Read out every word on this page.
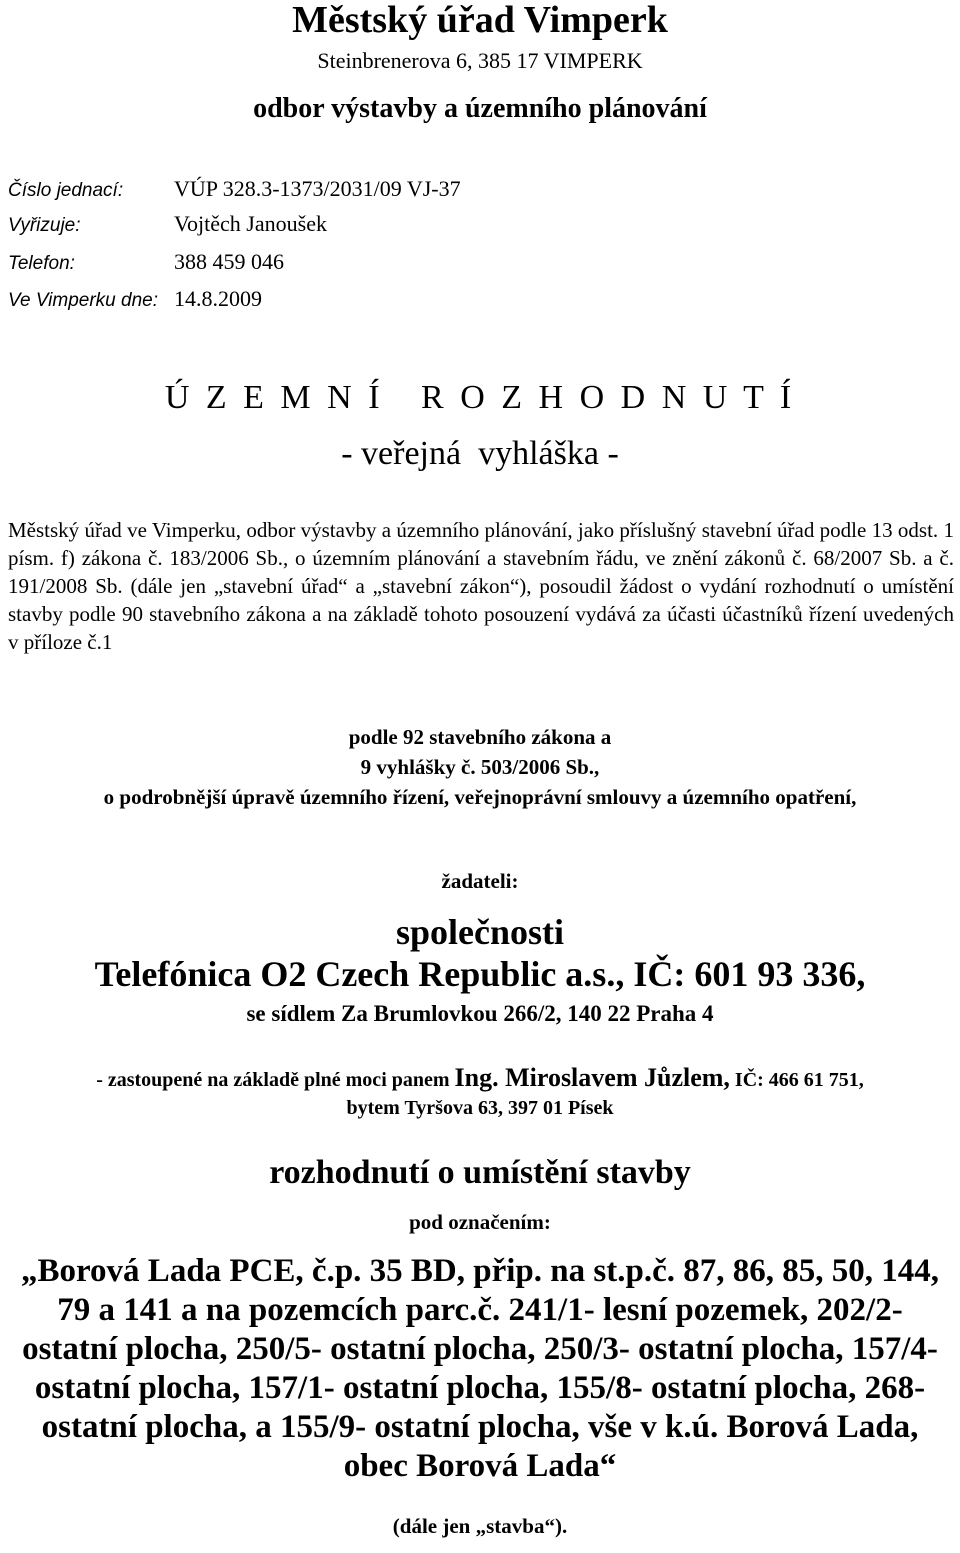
Městský úřad Vimperk
Steinbrenerova 6, 385 17 VIMPERK
odbor výstavby a územního plánování
Číslo jednací: VÚP 328.3-1373/2031/09 VJ-37
Vyřizuje:	Vojtěch Janoušek
Telefon:	388 459 046
Ve Vimperku dne: 14.8.2009
Ú Z E M N Í   R O Z H O D N U T Í
- veřejná  vyhláška -
Městský úřad ve Vimperku, odbor výstavby a územního plánování, jako příslušný stavební úřad podle 13 odst. 1 písm. f) zákona č. 183/2006 Sb., o územním plánování a stavebním řádu, ve znění zákonů č. 68/2007 Sb. a č. 191/2008 Sb. (dále jen „stavební úřad“ a „stavební zákon“), posoudil žádost o vydání rozhodnutí o umístění stavby podle 90 stavebního zákona a na základě tohoto posouzení vydává za účasti účastníků řízení uvedených v příloze č.1
podle 92 stavebního zákona a
9 vyhlášky č. 503/2006 Sb.,
o podrobnější úpravě územního řízení, veřejnoprávní smlouvy a územního opatření,
žadateli:
společnosti
Telefónica O2 Czech Republic a.s., IČ: 601 93 336,
se sídlem Za Brumlovkou 266/2, 140 22 Praha 4
- zastoupené na základě plné moci panem Ing. Miroslavem Jůzlem, IČ: 466 61 751,
bytem Tyršova 63, 397 01 Písek
rozhodnutí o umístění stavby
pod označením:
„Borová Lada PCE, č.p. 35 BD, přip. na st.p.č. 87, 86, 85, 50, 144, 79 a 141 a na pozemcích parc.č. 241/1- lesní pozemek, 202/2- ostatní plocha, 250/5- ostatní plocha, 250/3- ostatní plocha, 157/4- ostatní plocha, 157/1- ostatní plocha, 155/8- ostatní plocha, 268- ostatní plocha, a 155/9- ostatní plocha, vše v k.ú. Borová Lada, obec Borová Lada“
(dále jen „stavba“).
